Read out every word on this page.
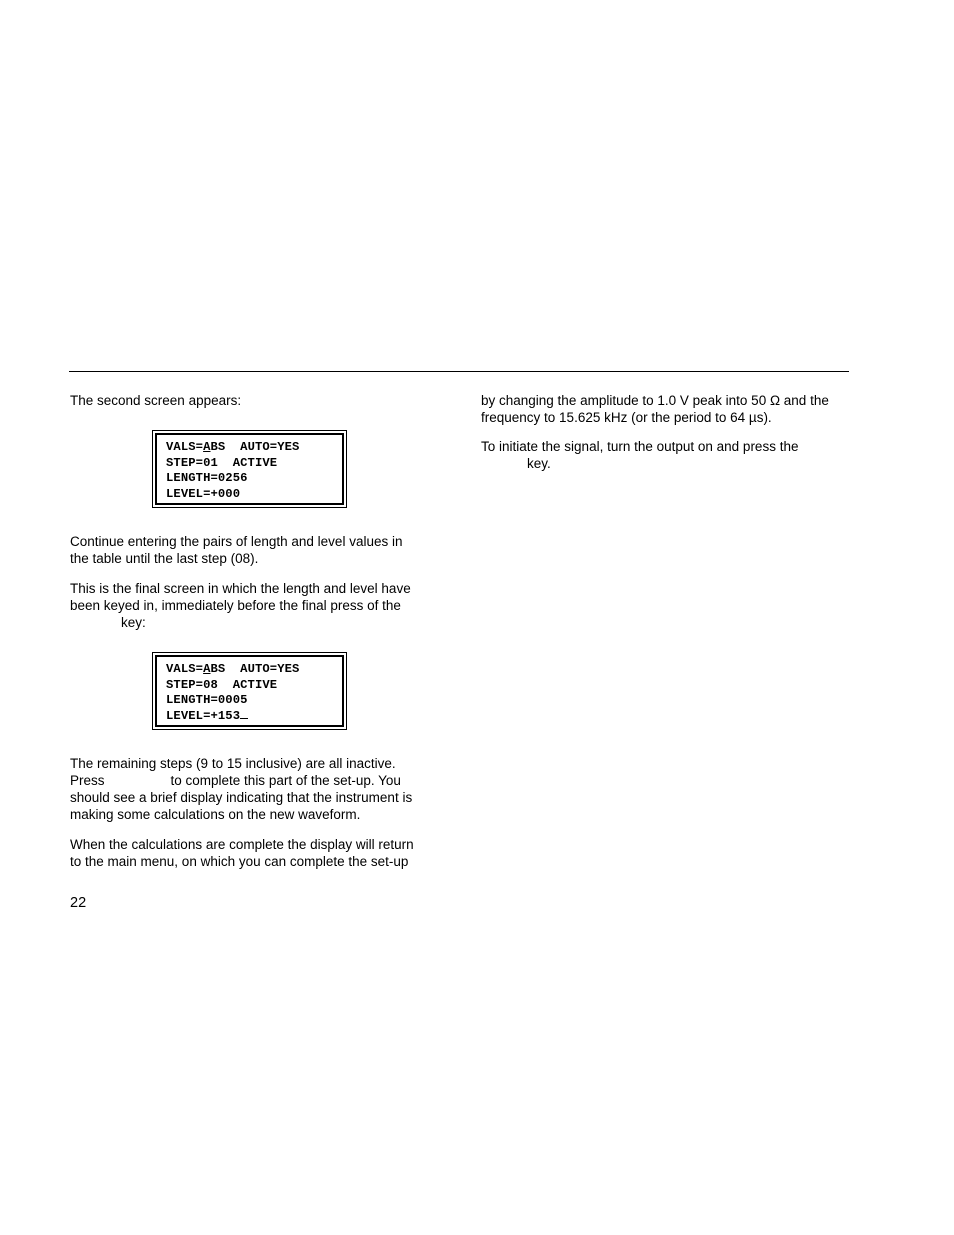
The second screen appears:

VALS=ABS  AUTO=YES
STEP=01  ACTIVE
LENGTH=0256
LEVEL=+000

Continue entering the pairs of length and level values in
the table until the last step (08).

This is the final screen in which the length and level have
been keyed in, immediately before the final press of the
key:

VALS=ABS  AUTO=YES
STEP=08  ACTIVE
LENGTH=0005
LEVEL=+153

The remaining steps (9 to 15 inclusive) are all inactive.
Press	to complete this part of the set-up. You
should see a brief display indicating that the instrument is
making some calculations on the new waveform.

When the calculations are complete the display will return
to the main menu, on which you can complete the set-up

22

by changing the amplitude to 1.0 V peak into 50 Ω and the
frequency to 15.625 kHz (or the period to 64 µs).

To initiate the signal, turn the output on and press the
key.
